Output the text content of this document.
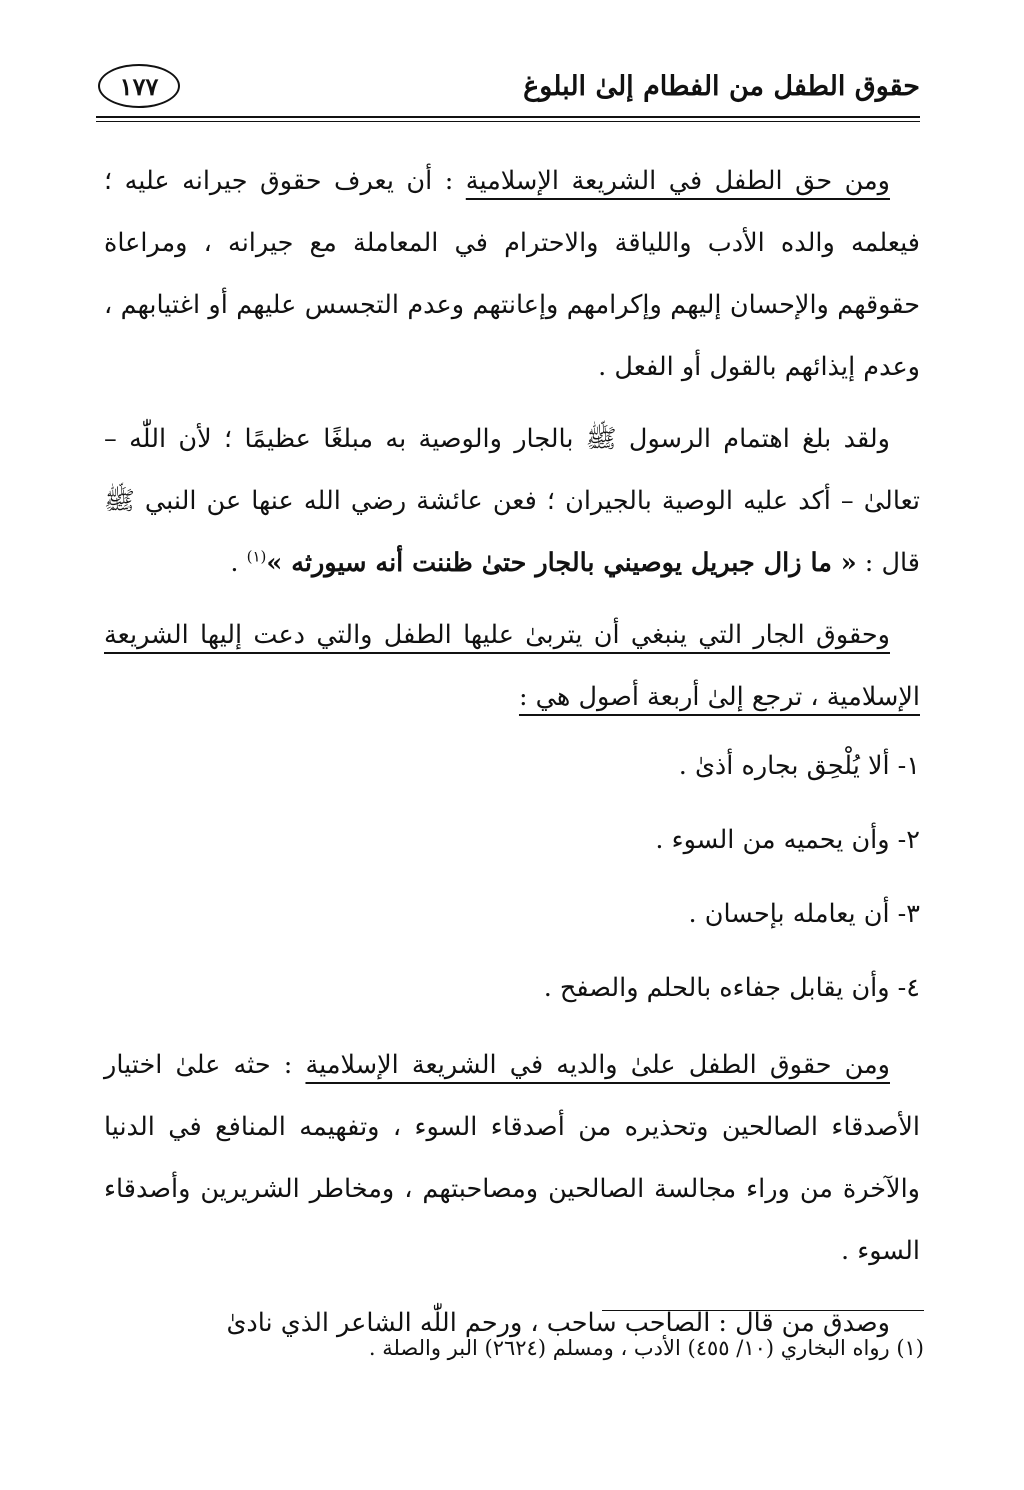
حقوق الطفل من الفطام إلىٰ البلوغ
١٧٧

ومن حق الطفل في الشريعة الإسلامية : أن يعرف حقوق جيرانه عليه ؛ فيعلمه والده الأدب واللياقة والاحترام في المعاملة مع جيرانه ، ومراعاة حقوقهم والإحسان إليهم وإكرامهم وإعانتهم وعدم التجسس عليهم أو اغتيابهم ، وعدم إيذائهم بالقول أو الفعل .

ولقد بلغ اهتمام الرسول ﷺ بالجار والوصية به مبلغًا عظيمًا ؛ لأن اللّٰه – تعالىٰ – أكد عليه الوصية بالجيران ؛ فعن عائشة رضي الله عنها عن النبي ﷺ قال : « ما زال جبريل يوصيني بالجار حتىٰ ظننت أنه سيورثه »$^{(١)}$ .

وحقوق الجار التي ينبغي أن يتربىٰ عليها الطفل والتي دعت إليها الشريعة الإسلامية ، ترجع إلىٰ أربعة أصول هي :

١- ألا يُلْحِق بجاره أذىٰ .
٢- وأن يحميه من السوء .
٣- أن يعامله بإحسان .
٤- وأن يقابل جفاءه بالحلم والصفح .

ومن حقوق الطفل علىٰ والديه في الشريعة الإسلامية : حثه علىٰ اختيار الأصدقاء الصالحين وتحذيره من أصدقاء السوء ، وتفهيمه المنافع في الدنيا والآخرة من وراء مجالسة الصالحين ومصاحبتهم ، ومخاطر الشريرين وأصدقاء السوء .

وصدق من قال : الصاحب ساحب ، ورحم اللّٰه الشاعر الذي نادىٰ

(١) رواه البخاري (١٠/ ٤٥٥) الأدب ، ومسلم (٢٦٢٤) البر والصلة .
